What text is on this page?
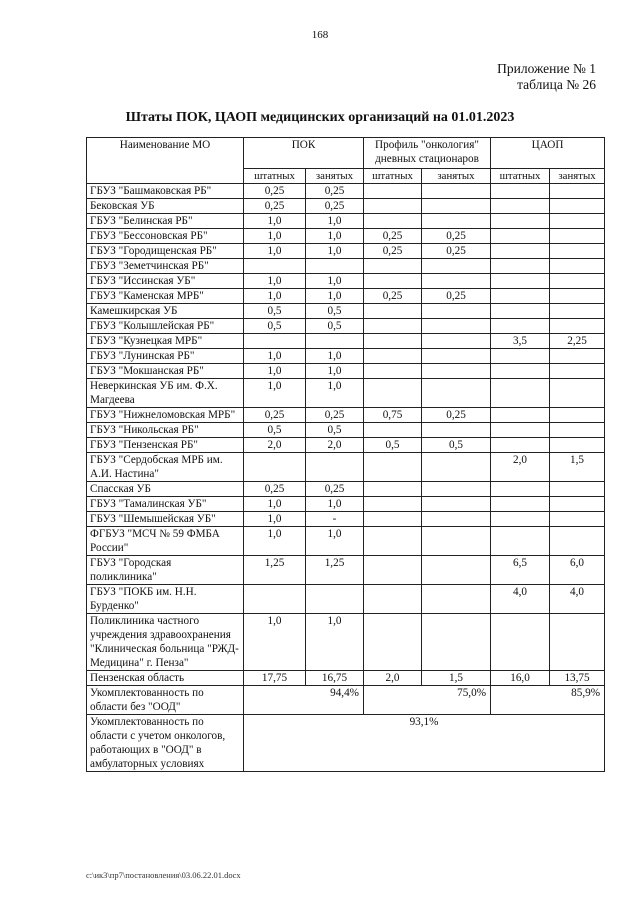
168
Приложение № 1
таблица № 26
Штаты ПОК, ЦАОП медицинских организаций на 01.01.2023
Наименование МО	ПОК		Профиль "онкология" дневных стационаров		ЦАОП	
	штатных	занятых	штатных	занятых	штатных	занятых
ГБУЗ "Башмаковская РБ"	0,25	0,25				
Бековская УБ	0,25	0,25				
ГБУЗ "Белинская РБ"	1,0	1,0				
ГБУЗ "Бессоновская РБ"	1,0	1,0	0,25	0,25		
ГБУЗ "Городищенская РБ"	1,0	1,0	0,25	0,25		
ГБУЗ "Земетчинская РБ"						
ГБУЗ "Иссинская УБ"	1,0	1,0				
ГБУЗ "Каменская МРБ"	1,0	1,0	0,25	0,25		
Камешкирская УБ	0,5	0,5				
ГБУЗ "Колышлейская РБ"	0,5	0,5				
ГБУЗ "Кузнецкая МРБ"					3,5	2,25
ГБУЗ "Лунинская РБ"	1,0	1,0				
ГБУЗ "Мокшанская РБ"	1,0	1,0				
Неверкинская УБ им. Ф.Х. Магдеева	1,0	1,0				
ГБУЗ "Нижнеломовская МРБ"	0,25	0,25	0,75	0,25		
ГБУЗ "Никольская РБ"	0,5	0,5				
ГБУЗ "Пензенская РБ"	2,0	2,0	0,5	0,5		
ГБУЗ "Сердобская МРБ им. А.И. Настина"					2,0	1,5
Спасская УБ	0,25	0,25				
ГБУЗ "Тамалинская УБ"	1,0	1,0				
ГБУЗ "Шемышейская УБ"	1,0	-				
ФГБУЗ "МСЧ № 59 ФМБА России"	1,0	1,0				
ГБУЗ "Городская поликлиника"	1,25	1,25			6,5	6,0
ГБУЗ "ПОКБ им. Н.Н. Бурденко"					4,0	4,0
Поликлиника частного учреждения здравоохранения "Клиническая больница "РЖД-Медицина" г. Пенза"	1,0	1,0				
Пензенская область	17,75	16,75	2,0	1,5	16,0	13,75
Укомплектованность по области без "ООД"	94,4%		75,0%		85,9%	
Укомплектованность по области с учетом онкологов, работающих в "ООД" в амбулаторных условиях	93,1%					
c:\ик3\пр7\постановления\03.06.22.01.docx
